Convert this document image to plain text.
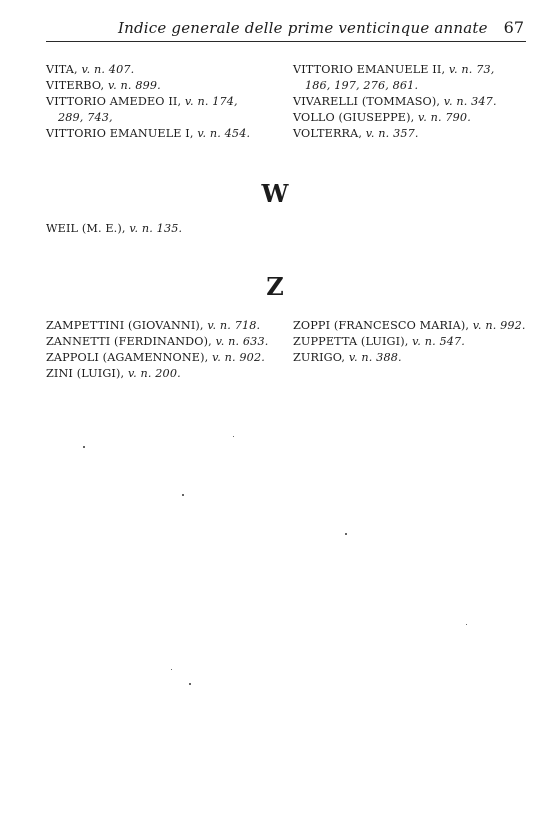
Indice generale delle prime venticinque annate 67
VITA, v. n. 407.
VITERBO, v. n. 899.
VITTORIO AMEDEO II, v. n. 174,
289, 743,
VITTORIO EMANUELE I, v. n. 454.
VITTORIO EMANUELE II, v. n. 73,
186, 197, 276, 861.
VIVARELLI (TOMMASO), v. n. 347.
VOLLO (GIUSEPPE), v. n. 790.
VOLTERRA, v. n. 357.
W
WEIL (M. E.), v. n. 135.
Z
ZAMPETTINI (GIOVANNI), v. n. 718.
ZANNETTI (FERDINANDO), v. n. 633.
ZAPPOLI (AGAMENNONE), v. n. 902.
ZINI (LUIGI), v. n. 200.
ZOPPI (FRANCESCO MARIA), v. n. 992.
ZUPPETTA (LUIGI), v. n. 547.
ZURIGO, v. n. 388.
